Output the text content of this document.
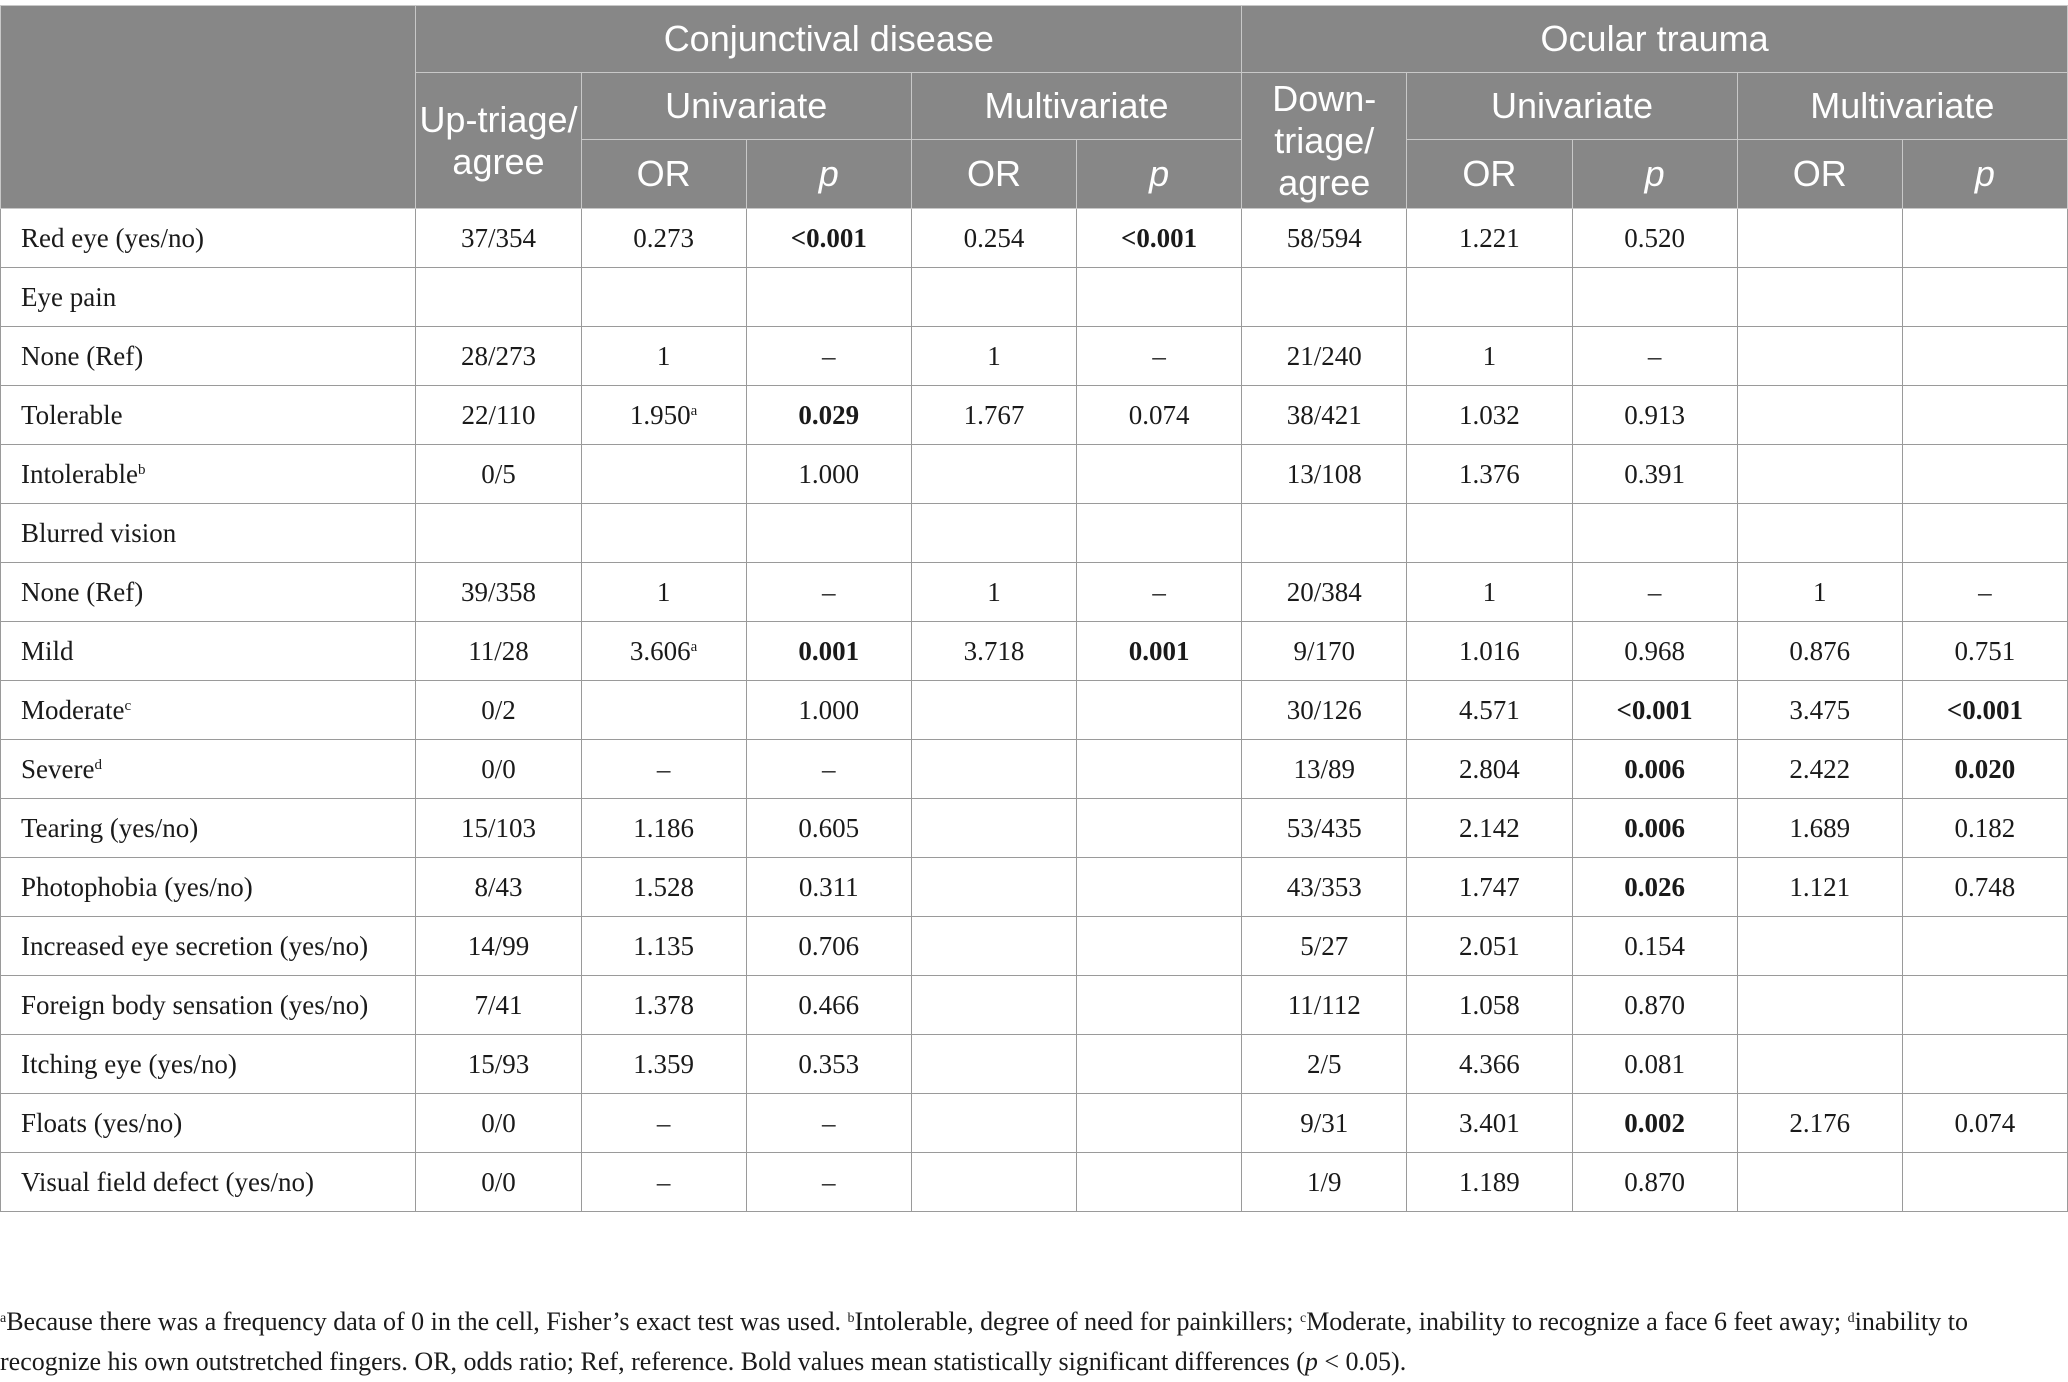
	Conjunctival disease					Ocular trauma				
	Up-triage/ agree	Univariate		Multivariate		Down-triage/ agree	Univariate		Multivariate	
		OR	p	OR	p		OR	p	OR	p
Red eye (yes/no)	37/354	0.273	<0.001	0.254	<0.001	58/594	1.221	0.520		
Eye pain										
None (Ref)	28/273	1	–	1	–	21/240	1	–		
Tolerable	22/110	1.950$^a$	0.029	1.767	0.074	38/421	1.032	0.913		
Intolerable$^b$	0/5		1.000			13/108	1.376	0.391		
Blurred vision										
None (Ref)	39/358	1	–	1	–	20/384	1	–	1	–
Mild	11/28	3.606$^a$	0.001	3.718	0.001	9/170	1.016	0.968	0.876	0.751
Moderate$^c$	0/2		1.000			30/126	4.571	<0.001	3.475	<0.001
Severe$^d$	0/0	–	–			13/89	2.804	0.006	2.422	0.020
Tearing (yes/no)	15/103	1.186	0.605			53/435	2.142	0.006	1.689	0.182
Photophobia (yes/no)	8/43	1.528	0.311			43/353	1.747	0.026	1.121	0.748
Increased eye secretion (yes/no)	14/99	1.135	0.706			5/27	2.051	0.154		
Foreign body sensation (yes/no)	7/41	1.378	0.466			11/112	1.058	0.870		
Itching eye (yes/no)	15/93	1.359	0.353			2/5	4.366	0.081		
Floats (yes/no)	0/0	–	–			9/31	3.401	0.002	2.176	0.074
Visual field defect (yes/no)	0/0	–	–			1/9	1.189	0.870		
$^a$Because there was a frequency data of 0 in the cell, Fisher’s exact test was used. $^b$Intolerable, degree of need for painkillers; $^c$Moderate, inability to recognize a face 6 feet away; $^d$inability to recognize his own outstretched fingers. OR, odds ratio; Ref, reference. Bold values mean statistically significant differences (p < 0.05).
